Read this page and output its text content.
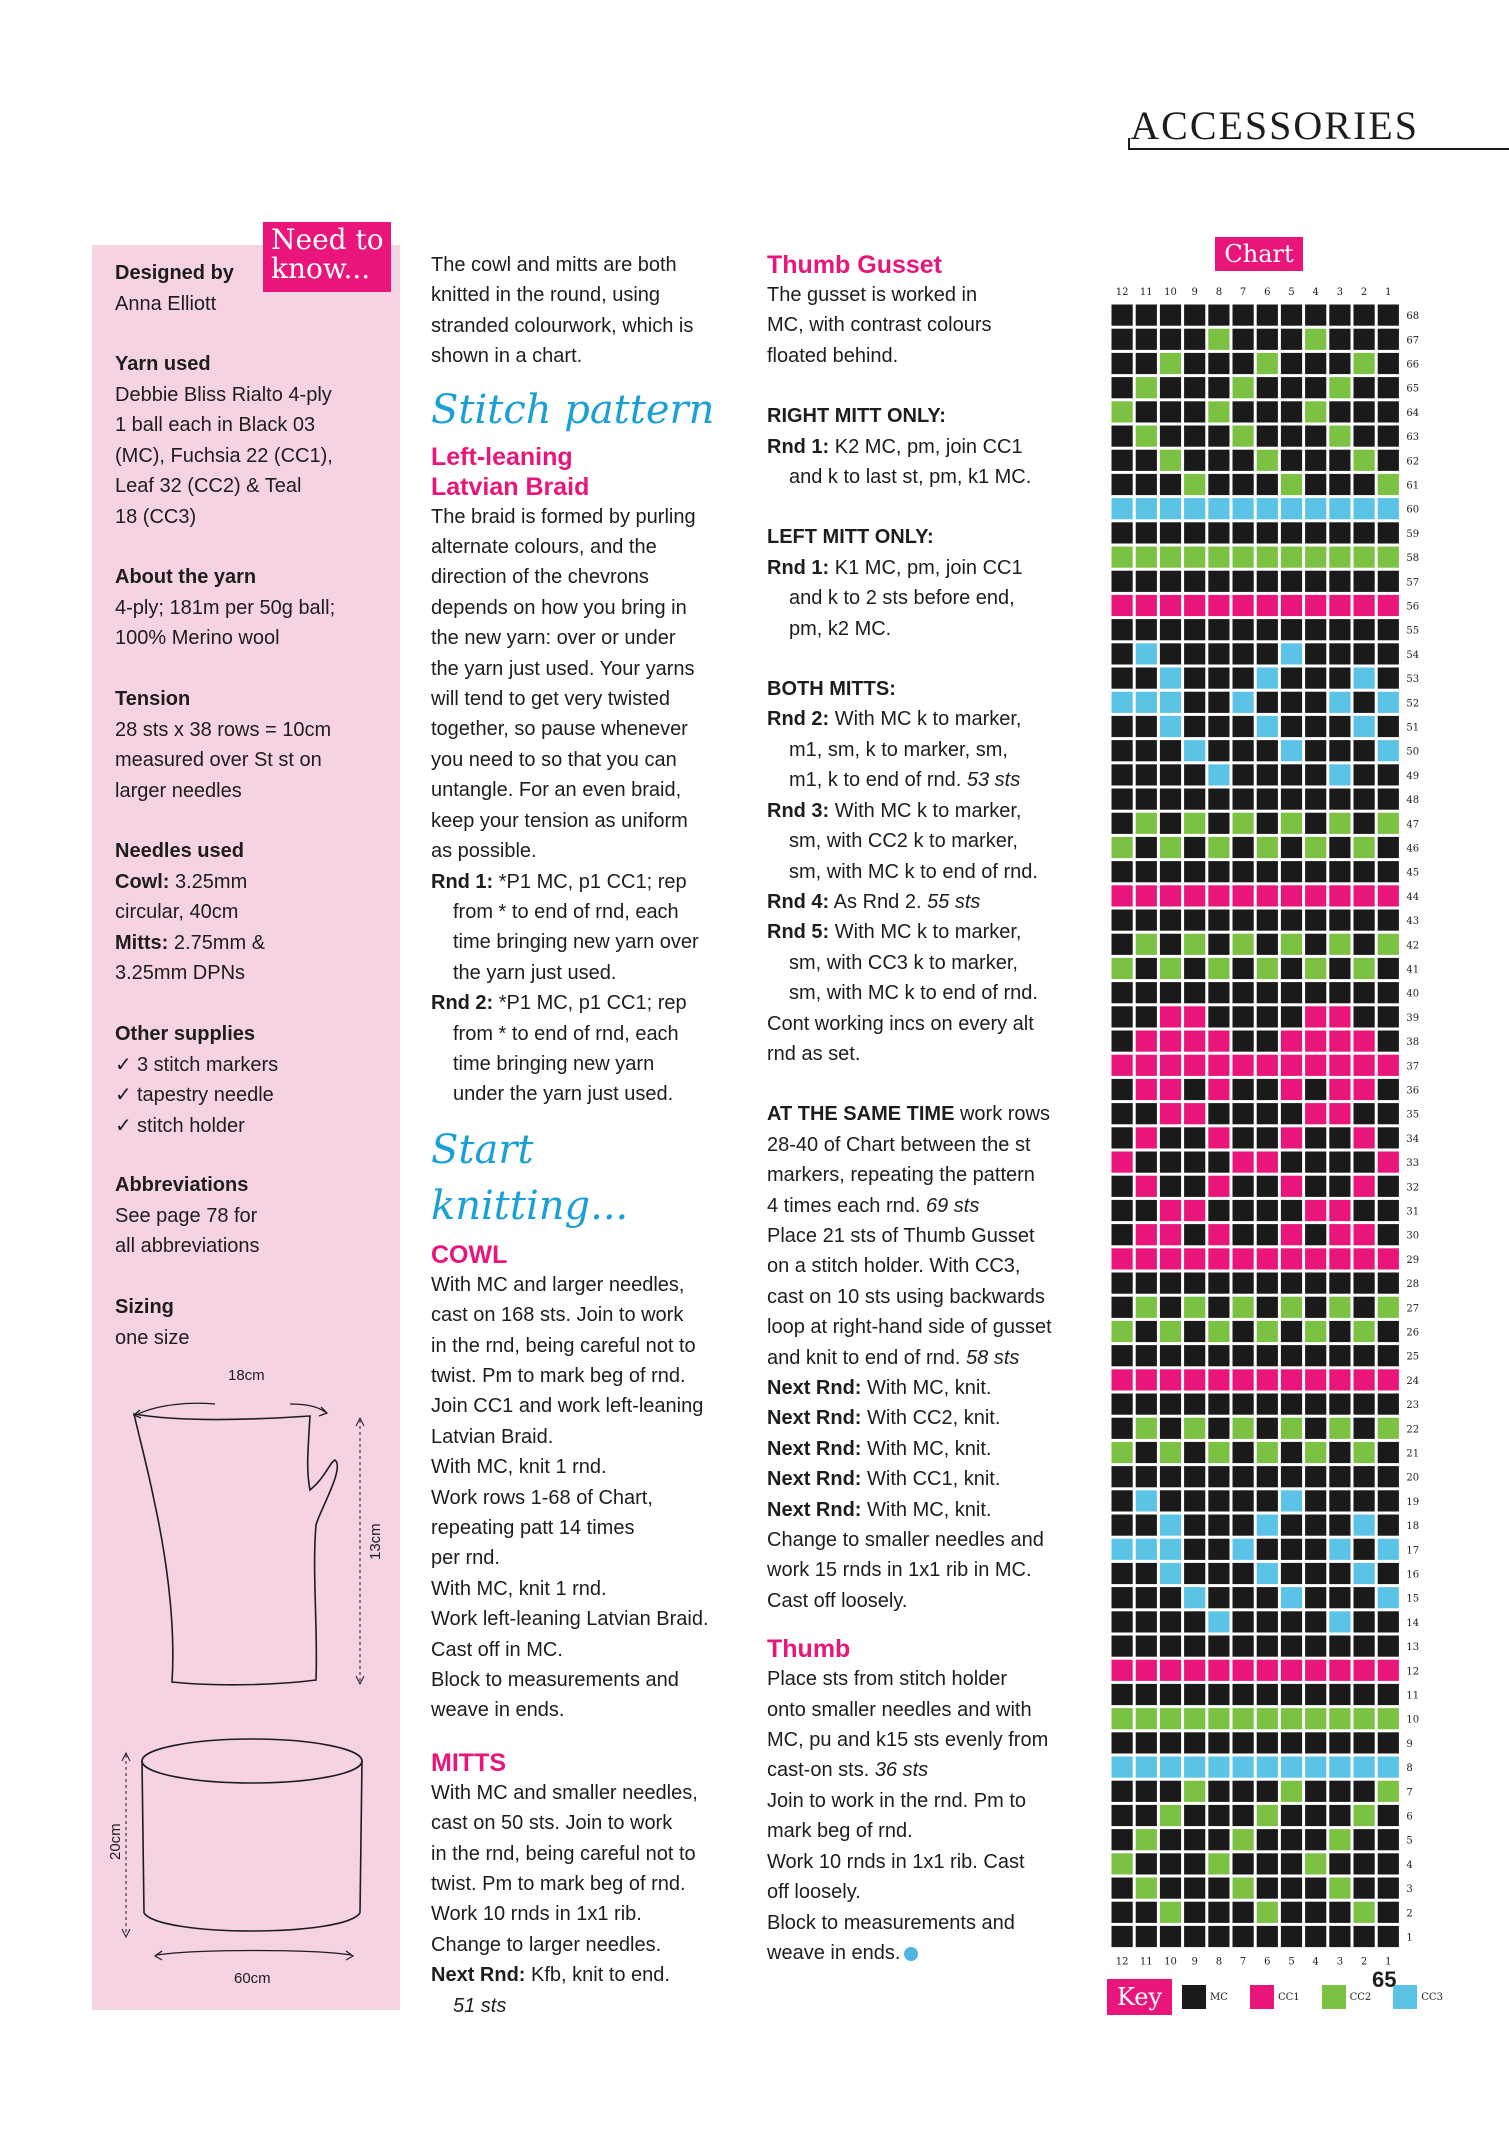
ACCESSORIES
Need to know...
Designed by
Anna Elliott
Yarn used
Debbie Bliss Rialto 4-ply
1 ball each in Black 03
(MC), Fuchsia 22 (CC1),
Leaf 32 (CC2) & Teal
18 (CC3)
About the yarn
4-ply; 181m per 50g ball;
100% Merino wool
Tension
28 sts x 38 rows = 10cm
measured over St st on
larger needles
Needles used
Cowl: 3.25mm
circular, 40cm
Mitts: 2.75mm &
3.25mm DPNs
Other supplies
✓ 3 stitch markers
✓ tapestry needle
✓ stitch holder
Abbreviations
See page 78 for
all abbreviations
Sizing
one size
18cm
13cm
20cm
60cm
The cowl and mitts are both
knitted in the round, using
stranded colourwork, which is
shown in a chart.
Stitch pattern
Left-leaning
Latvian Braid
The braid is formed by purling
alternate colours, and the
direction of the chevrons
depends on how you bring in
the new yarn: over or under
the yarn just used. Your yarns
will tend to get very twisted
together, so pause whenever
you need to so that you can
untangle. For an even braid,
keep your tension as uniform
as possible.
Rnd 1: *P1 MC, p1 CC1; rep
from * to end of rnd, each
time bringing new yarn over
the yarn just used.
Rnd 2: *P1 MC, p1 CC1; rep
from * to end of rnd, each
time bringing new yarn
under the yarn just used.
Start knitting...
COWL
With MC and larger needles,
cast on 168 sts. Join to work
in the rnd, being careful not to
twist. Pm to mark beg of rnd.
Join CC1 and work left-leaning
Latvian Braid.
With MC, knit 1 rnd.
Work rows 1-68 of Chart,
repeating patt 14 times
per rnd.
With MC, knit 1 rnd.
Work left-leaning Latvian Braid.
Cast off in MC.
Block to measurements and
weave in ends.
MITTS
With MC and smaller needles,
cast on 50 sts. Join to work
in the rnd, being careful not to
twist. Pm to mark beg of rnd.
Work 10 rnds in 1x1 rib.
Change to larger needles.
Next Rnd: Kfb, knit to end.
51 sts
Thumb Gusset
The gusset is worked in
MC, with contrast colours
floated behind.
RIGHT MITT ONLY:
Rnd 1: K2 MC, pm, join CC1
and k to last st, pm, k1 MC.
LEFT MITT ONLY:
Rnd 1: K1 MC, pm, join CC1
and k to 2 sts before end,
pm, k2 MC.
BOTH MITTS:
Rnd 2: With MC k to marker,
m1, sm, k to marker, sm,
m1, k to end of rnd. 53 sts
Rnd 3: With MC k to marker,
sm, with CC2 k to marker,
sm, with MC k to end of rnd.
Rnd 4: As Rnd 2. 55 sts
Rnd 5: With MC k to marker,
sm, with CC3 k to marker,
sm, with MC k to end of rnd.
Cont working incs on every alt
rnd as set.
AT THE SAME TIME work rows
28-40 of Chart between the st
markers, repeating the pattern
4 times each rnd. 69 sts
Place 21 sts of Thumb Gusset
on a stitch holder. With CC3,
cast on 10 sts using backwards
loop at right-hand side of gusset
and knit to end of rnd. 58 sts
Next Rnd: With MC, knit.
Next Rnd: With CC2, knit.
Next Rnd: With MC, knit.
Next Rnd: With CC1, knit.
Next Rnd: With MC, knit.
Change to smaller needles and
work 15 rnds in 1x1 rib in MC.
Cast off loosely.
Thumb
Place sts from stitch holder
onto smaller needles and with
MC, pu and k15 sts evenly from
cast-on sts. 36 sts
Join to work in the rnd. Pm to
mark beg of rnd.
Work 10 rnds in 1x1 rib. Cast
off loosely.
Block to measurements and
weave in ends.
Chart
12
12
11
11
10
10
9
9
8
8
7
7
6
6
5
5
4
4
3
3
2
2
1
1
68
67
66
65
64
63
62
61
60
59
58
57
56
55
54
53
52
51
50
49
48
47
46
45
44
43
42
41
40
39
38
37
36
35
34
33
32
31
30
29
28
27
26
25
24
23
22
21
20
19
18
17
16
15
14
13
12
11
10
9
8
7
6
5
4
3
2
1
Key	MC	CC1	CC2	CC3
65
